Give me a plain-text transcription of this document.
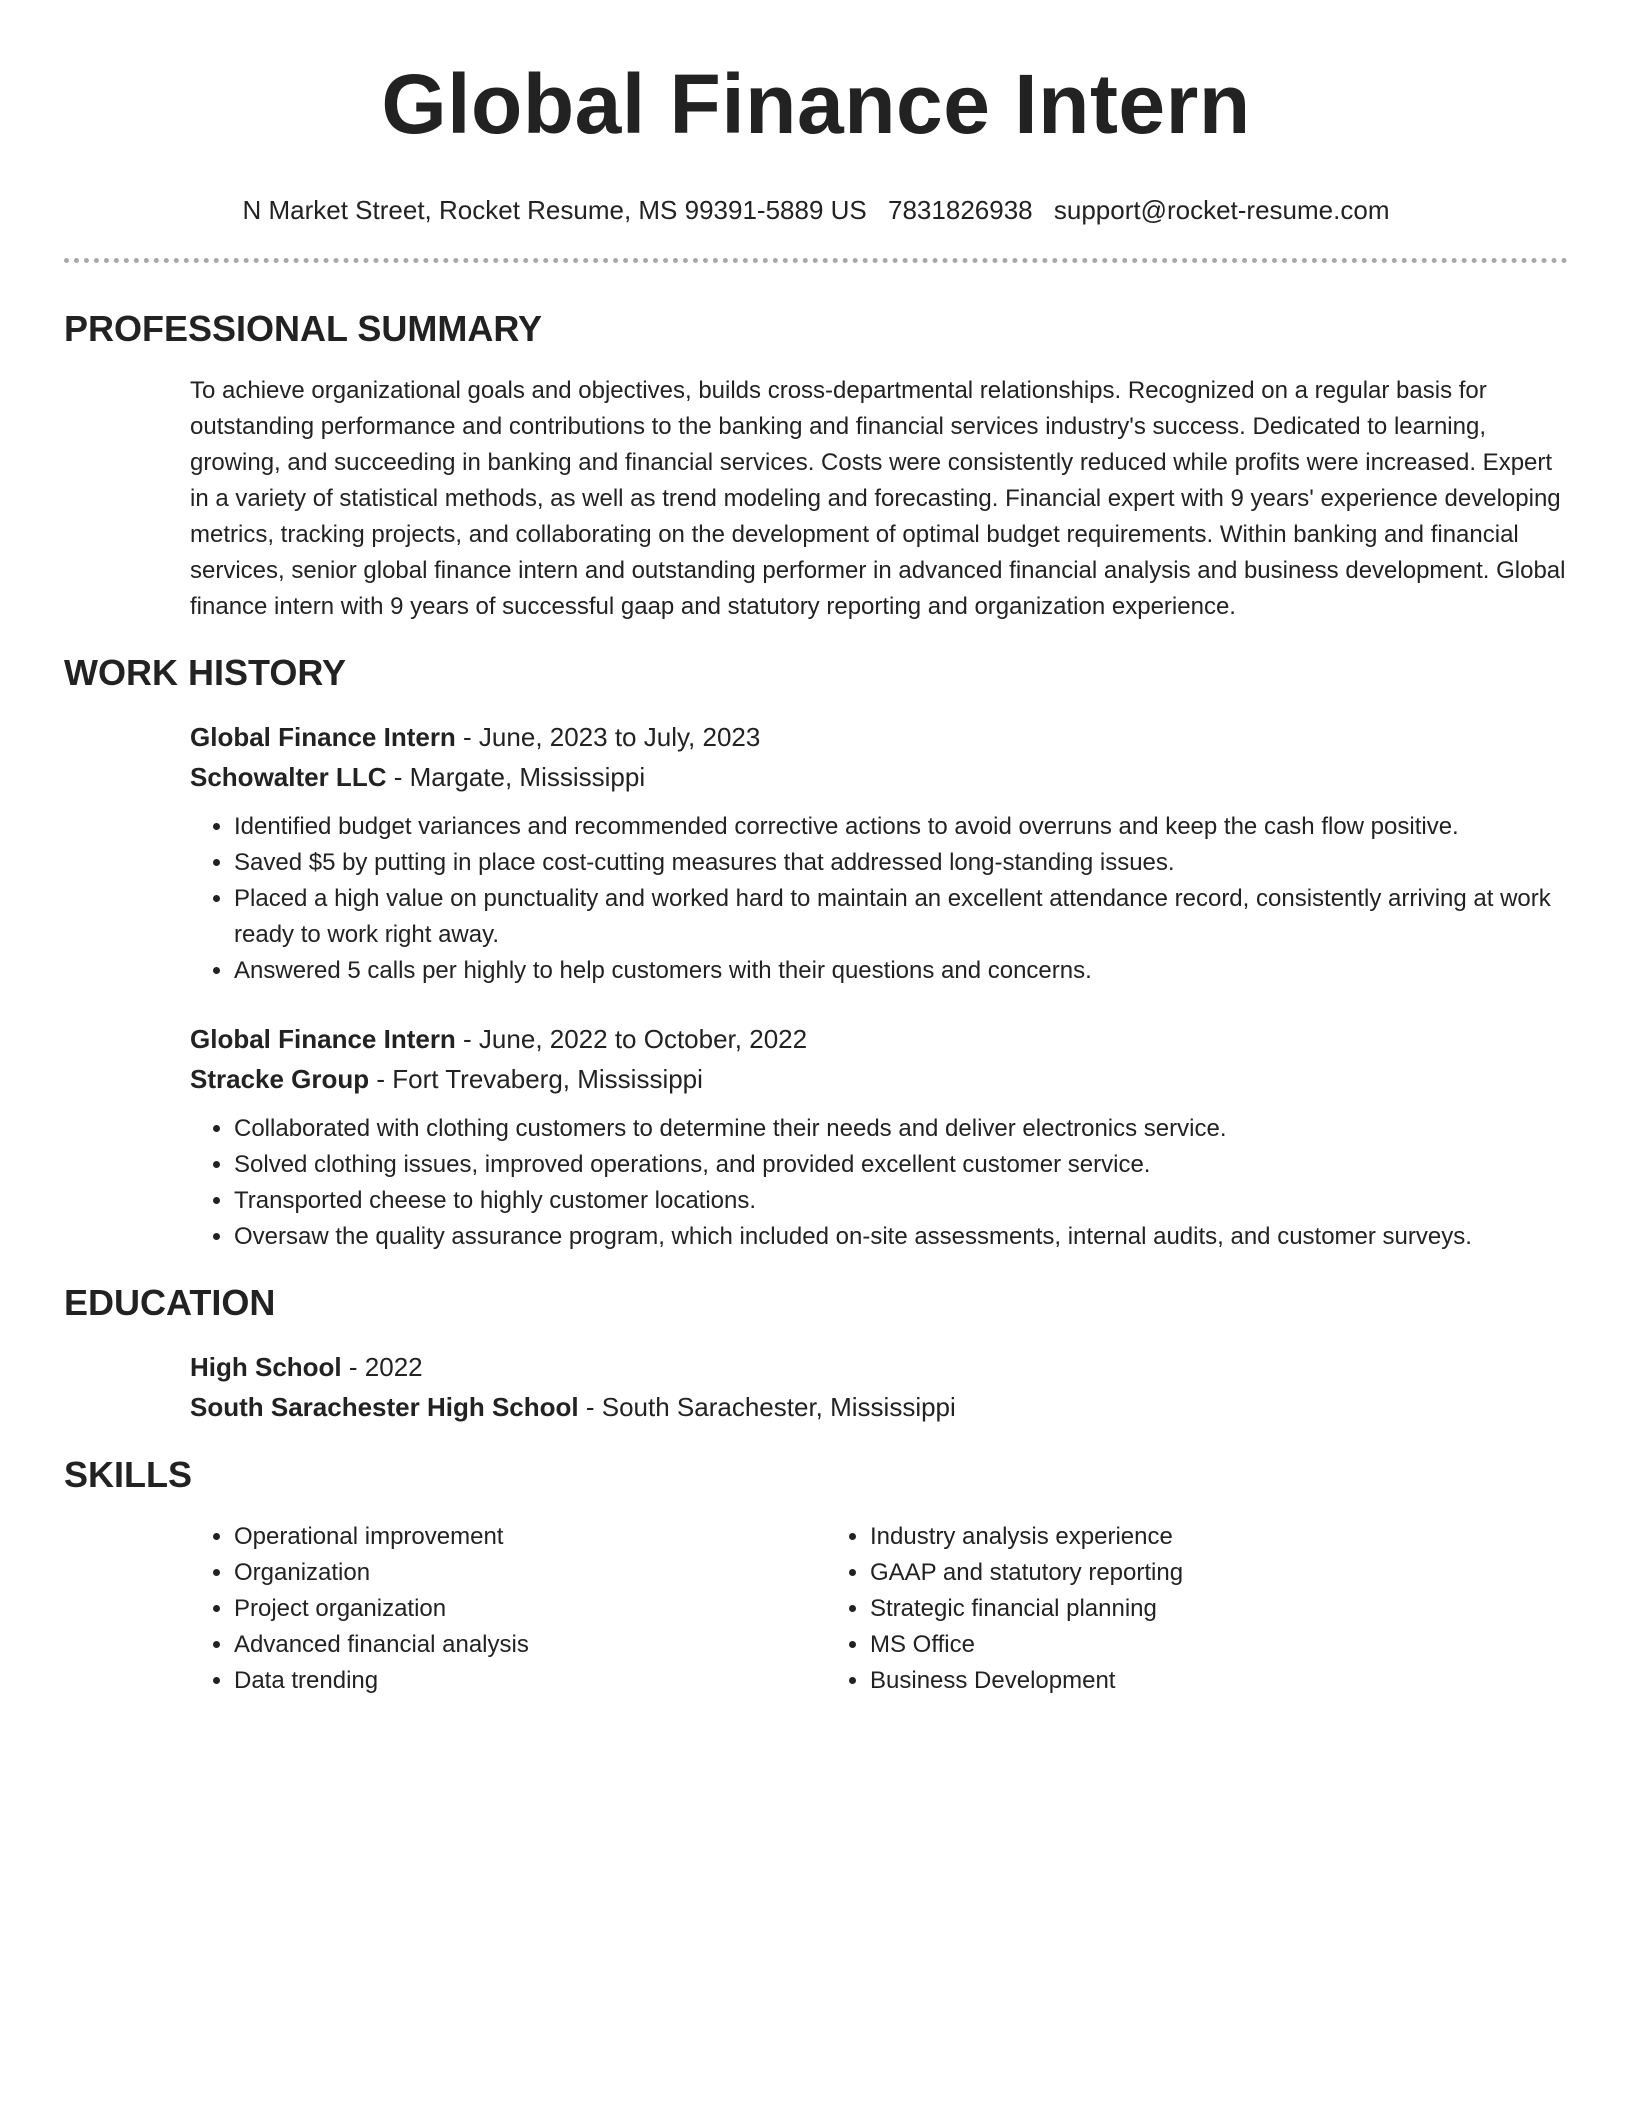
Global Finance Intern
N Market Street, Rocket Resume, MS 99391-5889 US 7831826938 support@rocket-resume.com
PROFESSIONAL SUMMARY
To achieve organizational goals and objectives, builds cross-departmental relationships. Recognized on a regular basis for outstanding performance and contributions to the banking and financial services industry's success. Dedicated to learning, growing, and succeeding in banking and financial services. Costs were consistently reduced while profits were increased. Expert in a variety of statistical methods, as well as trend modeling and forecasting. Financial expert with 9 years' experience developing metrics, tracking projects, and collaborating on the development of optimal budget requirements. Within banking and financial services, senior global finance intern and outstanding performer in advanced financial analysis and business development. Global finance intern with 9 years of successful gaap and statutory reporting and organization experience.
WORK HISTORY
Global Finance Intern - June, 2023 to July, 2023
Schowalter LLC - Margate, Mississippi
• Identified budget variances and recommended corrective actions to avoid overruns and keep the cash flow positive.
• Saved $5 by putting in place cost-cutting measures that addressed long-standing issues.
• Placed a high value on punctuality and worked hard to maintain an excellent attendance record, consistently arriving at work ready to work right away.
• Answered 5 calls per highly to help customers with their questions and concerns.
Global Finance Intern - June, 2022 to October, 2022
Stracke Group - Fort Trevaberg, Mississippi
• Collaborated with clothing customers to determine their needs and deliver electronics service.
• Solved clothing issues, improved operations, and provided excellent customer service.
• Transported cheese to highly customer locations.
• Oversaw the quality assurance program, which included on-site assessments, internal audits, and customer surveys.
EDUCATION
High School - 2022
South Sarachester High School - South Sarachester, Mississippi
SKILLS
• Operational improvement
• Organization
• Project organization
• Advanced financial analysis
• Data trending
• Industry analysis experience
• GAAP and statutory reporting
• Strategic financial planning
• MS Office
• Business Development
